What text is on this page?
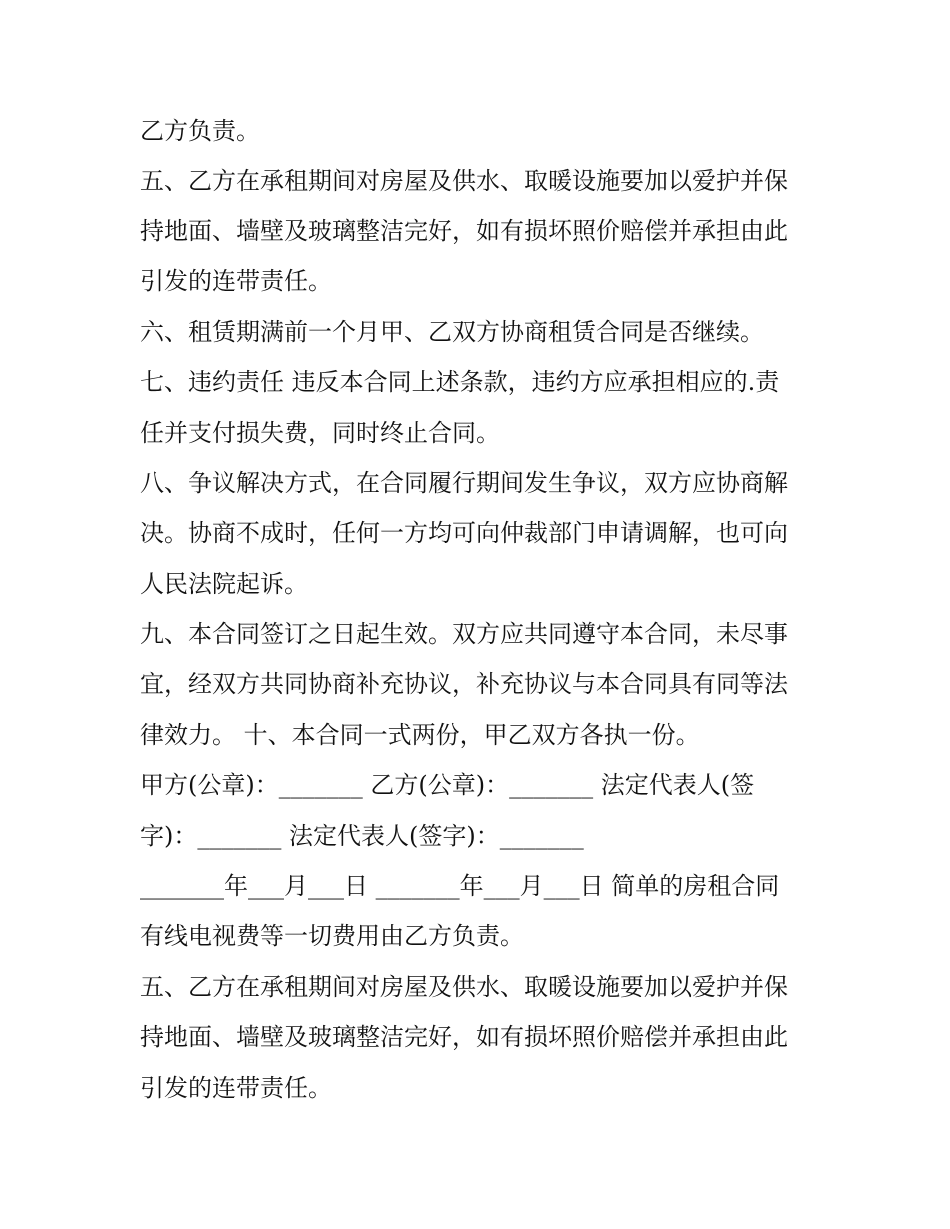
乙方负责。
五、乙方在承租期间对房屋及供水、取暖设施要加以爱护并保
持地面、墙壁及玻璃整洁完好，如有损坏照价赔偿并承担由此
引发的连带责任。
六、租赁期满前一个月甲、乙双方协商租赁合同是否继续。
七、违约责任 违反本合同上述条款，违约方应承担相应的.责
任并支付损失费，同时终止合同。
八、争议解决方式，在合同履行期间发生争议，双方应协商解
决。协商不成时，任何一方均可向仲裁部门申请调解，也可向
人民法院起诉。
九、本合同签订之日起生效。双方应共同遵守本合同，未尽事
宜，经双方共同协商补充协议，补充协议与本合同具有同等法
律效力。 十、本合同一式两份，甲乙双方各执一份。
甲方(公章)：_______ 乙方(公章)：_______ 法定代表人(签
字)：_______ 法定代表人(签字)：_______
_______年___月___日 _______年___月___日 简单的房租合同
有线电视费等一切费用由乙方负责。
五、乙方在承租期间对房屋及供水、取暖设施要加以爱护并保
持地面、墙壁及玻璃整洁完好，如有损坏照价赔偿并承担由此
引发的连带责任。
